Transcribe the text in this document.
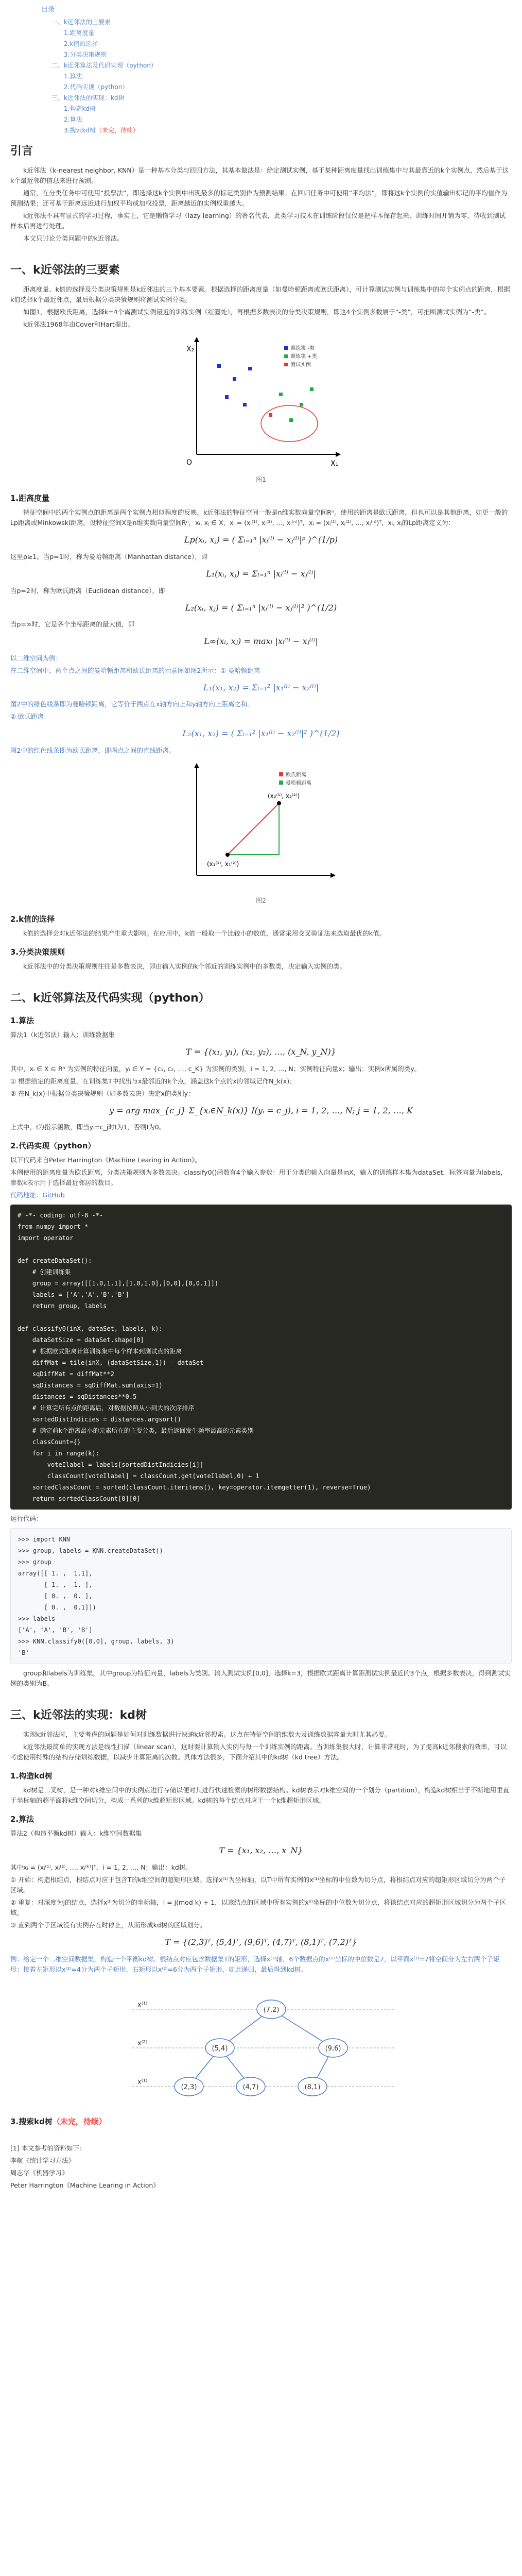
目录
一、k近邻法的三要素
1.距离度量
2.k值的选择
3.分类决策规则
二、k近邻算法及代码实现（python）
1.算法
2.代码实现（python）
三、k近邻法的实现：kd树
1.构造kd树
2.算法
3.搜索kd树（未完，待续）
引言

k近邻法（k-nearest neighbor, KNN）是一种基本分类与回归方法，其基本做法是：给定测试实例，基于某种距离度量找出训练集中与其最靠近的k个实例点，然后基于这k个最近邻的信息来进行预测。

通常，在分类任务中可使用“投票法”，即选择这k个实例中出现最多的标记类别作为预测结果；在回归任务中可使用“平均法”，即将这k个实例的实值输出标记的平均值作为预测结果；还可基于距离远近进行加权平均或加权投票，距离越近的实例权重越大。

k近邻法不具有显式的学习过程，事实上，它是懒惰学习（lazy learning）的著名代表，此类学习技术在训练阶段仅仅是把样本保存起来，训练时间开销为零，待收到测试样本后再进行处理。

本文只讨论分类问题中的k近邻法。

一、k近邻法的三要素

距离度量、k值的选择及分类决策规则是k近邻法的三个基本要素。根据选择的距离度量（如曼哈顿距离或欧氏距离），可计算测试实例与训练集中的每个实例点的距离，根据k值选择k个最近邻点，最后根据分类决策规则将测试实例分类。

如图1，根据欧氏距离，选择k=4个离测试实例最近的训练实例（红圈处），再根据多数表决的分类决策规则，即这4个实例多数属于“-类”，可推断测试实例为“-类”。

k近邻法1968年由Cover和Hart提出。

X₂
X₁
O
训练集 -类
训练集 +类
测试实例
图1
1.距离度量

特征空间中的两个实例点的距离是两个实例点相似程度的反映。k近邻法的特征空间一般是n维实数向量空间Rⁿ。使用的距离是欧氏距离，但也可以是其他距离，如更一般的Lp距离或Minkowski距离。设特征空间X是n维实数向量空间Rⁿ，xᵢ, xⱼ ∈ X，xᵢ = (xᵢ⁽¹⁾, xᵢ⁽²⁾, …, xᵢ⁽ⁿ⁾)ᵀ，xⱼ = (xⱼ⁽¹⁾, xⱼ⁽²⁾, …, xⱼ⁽ⁿ⁾)ᵀ，xᵢ, xⱼ的Lp距离定义为：

Lp(xᵢ, xⱼ) = ( Σₗ₌₁ⁿ |xᵢ⁽ˡ⁾ − xⱼ⁽ˡ⁾|ᵖ )^(1/p)

这里p≥1。当p=1时，称为曼哈顿距离（Manhattan distance），即

L₁(xᵢ, xⱼ) = Σₗ₌₁ⁿ |xᵢ⁽ˡ⁾ − xⱼ⁽ˡ⁾|

当p=2时，称为欧氏距离（Euclidean distance），即

L₂(xᵢ, xⱼ) = ( Σₗ₌₁ⁿ |xᵢ⁽ˡ⁾ − xⱼ⁽ˡ⁾|² )^(1/2)

当p=∞时，它是各个坐标距离的最大值，即

L∞(xᵢ, xⱼ) = maxₗ |xᵢ⁽ˡ⁾ − xⱼ⁽ˡ⁾|

以二维空间为例：

在二维空间中，两个点之间的曼哈顿距离和欧氏距离的示意图如图2所示：① 曼哈顿距离

L₁(x₁, x₂) = Σₗ₌₁² |x₁⁽ˡ⁾ − x₂⁽ˡ⁾|

图2中的绿色线条即为曼哈顿距离，它等价于两点在x轴方向上和y轴方向上距离之和。

② 欧氏距离

L₂(x₁, x₂) = ( Σₗ₌₁² |x₁⁽ˡ⁾ − x₂⁽ˡ⁾|² )^(1/2)

图2中的红色线条即为欧氏距离，即两点之间的直线距离。

(x₁⁽¹⁾, x₁⁽²⁾)
(x₂⁽¹⁾, x₂⁽²⁾)
欧氏距离
曼哈顿距离
图2
2.k值的选择

k值的选择会对k近邻法的结果产生重大影响。在应用中，k值一般取一个比较小的数值，通常采用交叉验证法来选取最优的k值。

3.分类决策规则

k近邻法中的分类决策规则往往是多数表决，即由输入实例的k个邻近的训练实例中的多数类，决定输入实例的类。

二、k近邻算法及代码实现（python）
1.算法

算法1（k近邻法）输入：训练数据集

T = {(x₁, y₁), (x₂, y₂), …, (x_N, y_N)}

其中，xᵢ ∈ X ⊆ Rⁿ 为实例的特征向量，yᵢ ∈ Y = {c₁, c₂, …, c_K} 为实例的类别，i = 1, 2, …, N；实例特征向量x；输出：实例x所属的类y。

① 根据给定的距离度量，在训练集T中找出与x最邻近的k个点，涵盖这k个点的x的邻域记作N_k(x)；

② 在N_k(x)中根据分类决策规则（如多数表决）决定x的类别y：

y = arg max_{c_j} Σ_{xᵢ∈N_k(x)} I(yᵢ = c_j), i = 1, 2, …, N; j = 1, 2, …, K

上式中，I为指示函数，即当yᵢ=c_j时I为1，否则I为0。

2.代码实现（python）

以下代码来自Peter Harrington《Machine Learing in Action》。

本例使用的距离度量为欧氏距离，分类决策规则为多数表决。classify0()函数有4个输入参数：用于分类的输入向量是inX，输入的训练样本集为dataSet，标签向量为labels，参数k表示用于选择最近邻居的数目。

代码地址：GitHub

# -*- coding: utf-8 -*-
from numpy import *
import operator

def createDataSet():
# 创建训练集
group = array([[1.0,1.1],[1.0,1.0],[0,0],[0,0.1]])
labels = ['A','A','B','B']
return group, labels

def classify0(inX, dataSet, labels, k):
dataSetSize = dataSet.shape[0]
# 根据欧式距离计算训练集中每个样本到测试点的距离
diffMat = tile(inX, (dataSetSize,1)) - dataSet
sqDiffMat = diffMat**2
sqDistances = sqDiffMat.sum(axis=1)
distances = sqDistances**0.5
# 计算完所有点的距离后，对数据按照从小到大的次序排序
sortedDistIndicies = distances.argsort()
# 确定前k个距离最小的元素所在的主要分类，最后返回发生频率最高的元素类别
classCount={}
for i in range(k):
voteIlabel = labels[sortedDistIndicies[i]]
classCount[voteIlabel] = classCount.get(voteIlabel,0) + 1
sortedClassCount = sorted(classCount.iteritems(), key=operator.itemgetter(1), reverse=True)
return sortedClassCount[0][0]

运行代码：

>>> import KNN
>>> group, labels = KNN.createDataSet()
>>> group
array([[ 1. ,  1.1],
[ 1. ,  1. ],
[ 0. ,  0. ],
[ 0. ,  0.1]])
>>> labels
['A', 'A', 'B', 'B']
>>> KNN.classify0([0,0], group, labels, 3)
'B'

group和labels为训练集，其中group为特征向量，labels为类别。输入测试实例[0,0]，选择k=3，根据欧式距离计算距测试实例最近的3个点，根据多数表决，得到测试实例的类别为B。

三、k近邻法的实现：kd树

实现k近邻法时，主要考虑的问题是如何对训练数据进行快速k近邻搜索。这点在特征空间的维数大及训练数据容量大时尤其必要。

k近邻法最简单的实现方法是线性扫描（linear scan），这时要计算输入实例与每一个训练实例的距离。当训练集很大时，计算非常耗时，为了提高k近邻搜索的效率，可以考虑使用特殊的结构存储训练数据，以减少计算距离的次数。具体方法很多，下面介绍其中的kd树（kd tree）方法。

1.构造kd树

kd树是二叉树，是一种对k维空间中的实例点进行存储以便对其进行快速检索的树形数据结构。kd树表示对k维空间的一个划分（partition），构造kd树相当于不断地用垂直于坐标轴的超平面将k维空间切分，构成一系列的k维超矩形区域。kd树的每个结点对应于一个k维超矩形区域。

2.算法

算法2（构造平衡kd树）输入：k维空间数据集

T = {x₁, x₂, …, x_N}

其中xᵢ = (xᵢ⁽¹⁾, xᵢ⁽²⁾, …, xᵢ⁽ᵏ⁾)ᵀ，i = 1, 2, …, N；输出：kd树。

① 开始：构造根结点，根结点对应于包含T的k维空间的超矩形区域。选择x⁽¹⁾为坐标轴，以T中所有实例的x⁽¹⁾坐标的中位数为切分点，将根结点对应的超矩形区域切分为两个子区域。

② 重复：对深度为j的结点，选择x⁽ˡ⁾为切分的坐标轴，l = j(mod k) + 1，以该结点的区域中所有实例的x⁽ˡ⁾坐标的中位数为切分点，将该结点对应的超矩形区域切分为两个子区域。

③ 直到两个子区域没有实例存在时停止，从而形成kd树的区域划分。

T = {(2,3)ᵀ, (5,4)ᵀ, (9,6)ᵀ, (4,7)ᵀ, (8,1)ᵀ, (7,2)ᵀ}

例：给定一个二维空间数据集，构造一个平衡kd树。根结点对应包含数据集T的矩形，选择x⁽¹⁾轴，6个数据点的x⁽¹⁾坐标的中位数是7，以平面x⁽¹⁾=7将空间分为左右两个子矩形；接着左矩形以x⁽²⁾=4分为两个子矩形，右矩形以x⁽²⁾=6分为两个子矩形，如此递归，最后得到kd树。

x⁽¹⁾
x⁽²⁾
x⁽¹⁾
(7,2)
(5,4)	(9,6)
(2,3)	(4,7)	(8,1)
3.搜索kd树（未完，待续）

[1] 本文参考的资料如下：

李航《统计学习方法》

周志华《机器学习》

Peter Harrington《Machine Learing in Action》
